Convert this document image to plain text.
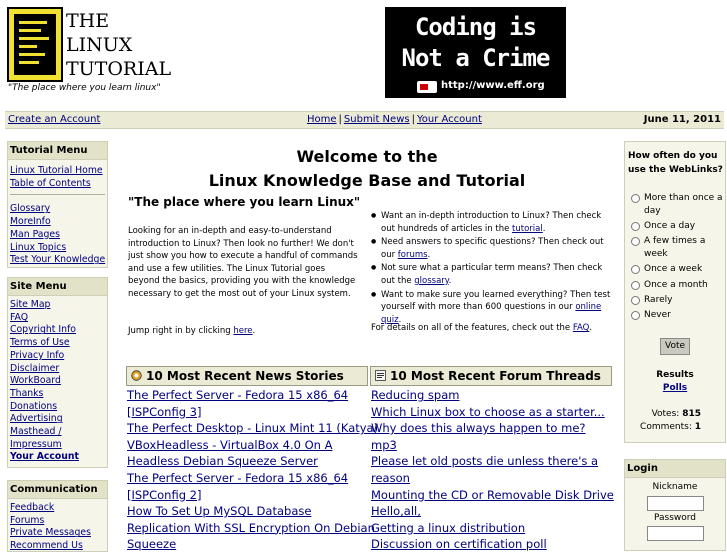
THE
LINUX
TUTORIAL
"The place where you learn linux"
Coding is
Not a Crime
http://www.eff.org
Create an Account	Home | Submit News | Your Account	June 11, 2011
Tutorial Menu
Linux Tutorial Home
Table of Contents
Glossary
MoreInfo
Man Pages
Linux Topics
Test Your Knowledge
Site Menu
Site Map
FAQ
Copyright Info
Terms of Use
Privacy Info
Disclaimer
WorkBoard
Thanks
Donations
Advertising
Masthead /
Impressum
Your Account
Communication
Feedback
Forums
Private Messages
Recommend Us
Welcome to the
Linux Knowledge Base and Tutorial
"The place where you learn Linux"
Looking for an in-depth and easy-to-understand introduction to Linux? Then look no further! We don't just show you how to execute a handful of commands and use a few utilities. The Linux Tutorial goes beyond the basics, providing you with the knowledge necessary to get the most out of your Linux system.
Jump right in by clicking here.
● Want an in-depth introduction to Linux? Then check out hundreds of articles in the tutorial.
● Need answers to specific questions? Then check out our forums.
● Not sure what a particular term means? Then check out the glossary.
● Want to make sure you learned everything? Then test yourself with more than 600 questions in our online quiz.
For details on all of the features, check out the FAQ.
10 Most Recent News Stories	10 Most Recent Forum Threads
The Perfect Server - Fedora 15 x86_64
[ISPConfig 3]
The Perfect Desktop - Linux Mint 11 (Katya)
VBoxHeadless - VirtualBox 4.0 On A
Headless Debian Squeeze Server
The Perfect Server - Fedora 15 x86_64
[ISPConfig 2]
How To Set Up MySQL Database
Replication With SSL Encryption On Debian
Squeeze
Reducing spam
Which Linux box to choose as a starter...
Why does this always happen to me?
mp3
Please let old posts die unless there's a
reason
Mounting the CD or Removable Disk Drive
Hello,all,
Getting a linux distribution
Discussion on certification poll
How often do you use the WebLinks?
More than once a day
Once a day
A few times a week
Once a week
Once a month
Rarely
Never
Vote
Results
Polls
Votes: 815
Comments: 1
Login
Nickname
Password
